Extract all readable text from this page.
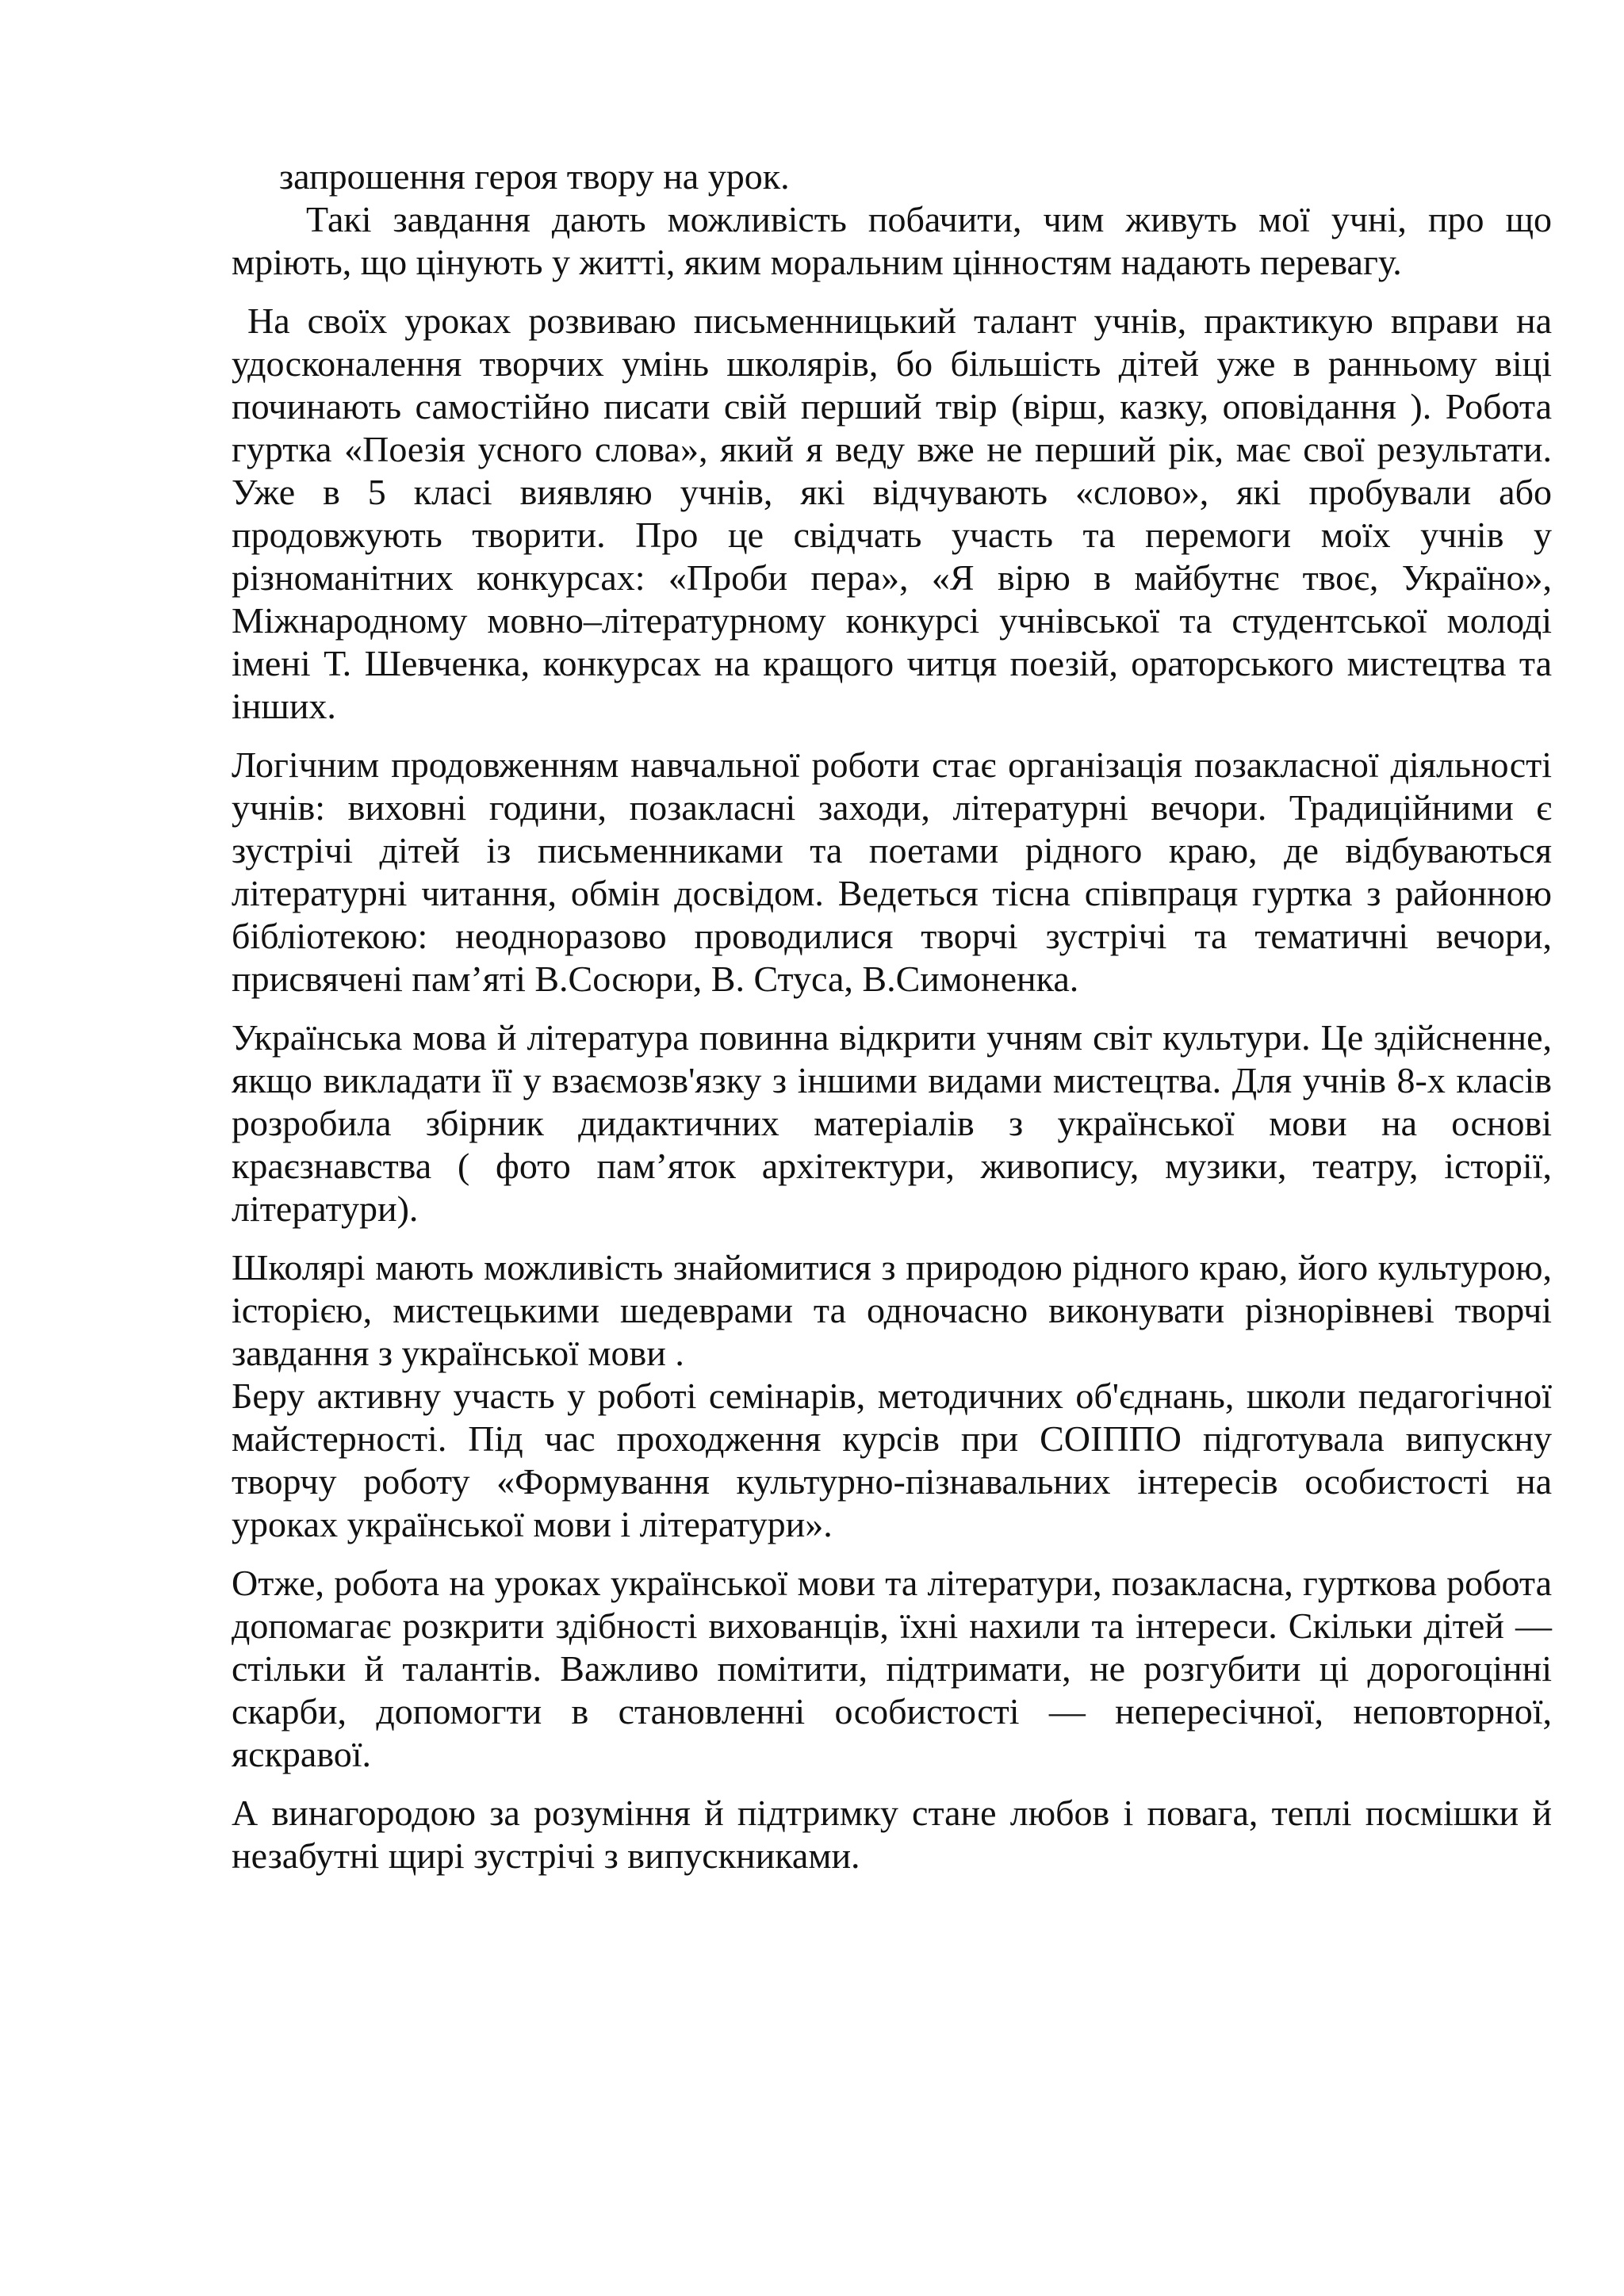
запрошення героя твору на урок.

Такі завдання дають можливість побачити, чим живуть мої учні, про що мріють, що цінують у житті, яким моральним цінностям надають перевагу.

На своїх уроках розвиваю письменницький талант учнів, практикую вправи на удосконалення творчих умінь школярів, бо більшість дітей уже в ранньому віці починають самостійно писати свій перший твір (вірш, казку, оповідання ). Робота гуртка «Поезія усного слова», який я веду вже не перший рік, має свої результати. Уже в 5 класі виявляю учнів, які відчувають «слово», які пробували або продовжують творити. Про це свідчать участь та перемоги моїх учнів у різноманітних конкурсах: «Проби пера», «Я вірю в майбутнє твоє, Україно», Міжнародному мовно–літературному конкурсі учнівської та студентської молоді імені Т. Шевченка, конкурсах на кращого читця поезій, ораторського мистецтва та інших.

Логічним продовженням навчальної роботи стає організація позакласної діяльності учнів: виховні години, позакласні заходи, літературні вечори. Традиційними є зустрічі дітей із письменниками та поетами рідного краю, де відбуваються літературні читання, обмін досвідом. Ведеться тісна співпраця гуртка з районною бібліотекою: неодноразово проводилися творчі зустрічі та тематичні вечори, присвячені пам’яті В.Сосюри, В. Стуса, В.Симоненка.

Українська мова й література повинна відкрити учням світ культури. Це здійсненне, якщо викладати її у взаємозв'язку з іншими видами мистецтва. Для учнів 8-х класів розробила збірник дидактичних матеріалів з української мови на основі краєзнавства ( фото пам’яток архітектури, живопису, музики, театру, історії, літератури).

Школярі мають можливість знайомитися з природою рідного краю, його культурою, історією, мистецькими шедеврами та одночасно виконувати різнорівневі творчі завдання з української мови .

Беру активну участь у роботі семінарів, методичних об'єднань, школи педагогічної майстерності. Під час проходження курсів при СОІППО підготувала випускну творчу роботу «Формування культурно-пізнавальних інтересів особистості на уроках української мови і літератури».

Отже, робота на уроках української мови та літератури, позакласна, гурткова робота допомагає розкрити здібності вихованців, їхні нахили та інтереси. Скільки дітей — стільки й талантів. Важливо помітити, підтримати, не розгубити ці дорогоцінні скарби, допомогти в становленні особистості — непересічної, неповторної, яскравої.

А винагородою за розуміння й підтримку стане любов і повага, теплі посмішки й незабутні щирі зустрічі з випускниками.
